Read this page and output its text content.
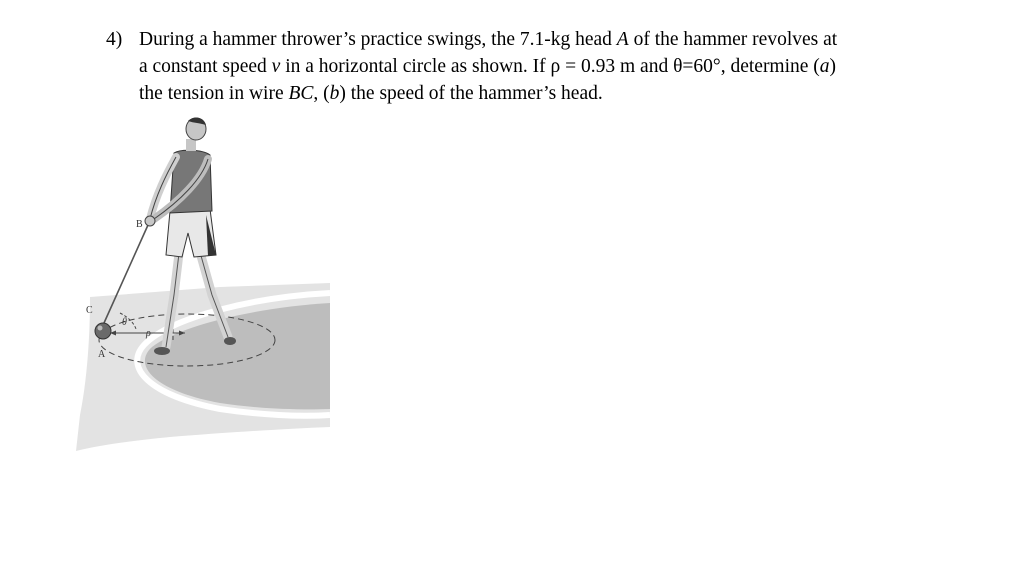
4) During a hammer thrower’s practice swings, the 7.1-kg head A of the hammer revolves at
a constant speed v in a horizontal circle as shown. If ρ = 0.93 m and θ=60°, determine (a)
the tension in wire BC, (b) the speed of the hammer’s head.
B
C
A
θ
ρ
